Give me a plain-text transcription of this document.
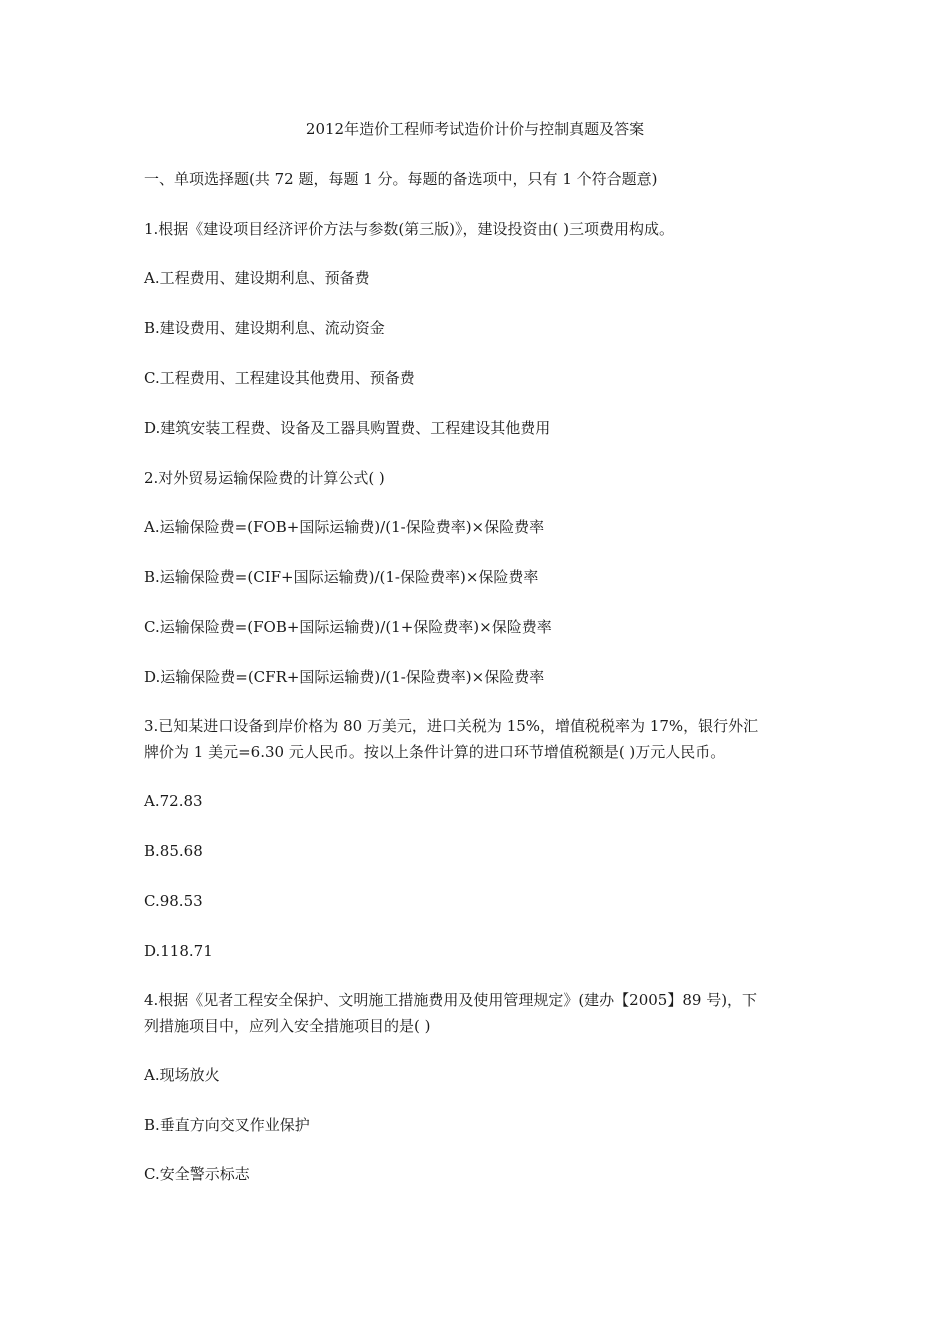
2012年造价工程师考试造价计价与控制真题及答案
一、单项选择题(共 72 题，每题 1 分。每题的备选项中，只有 1 个符合题意)
1.根据《建设项目经济评价方法与参数(第三版)》，建设投资由( )三项费用构成。
A.工程费用、建设期利息、预备费
B.建设费用、建设期利息、流动资金
C.工程费用、工程建设其他费用、预备费
D.建筑安装工程费、设备及工器具购置费、工程建设其他费用
2.对外贸易运输保险费的计算公式( )
A.运输保险费=(FOB+国际运输费)/(1-保险费率)×保险费率
B.运输保险费=(CIF+国际运输费)/(1-保险费率)×保险费率
C.运输保险费=(FOB+国际运输费)/(1+保险费率)×保险费率
D.运输保险费=(CFR+国际运输费)/(1-保险费率)×保险费率
3.已知某进口设备到岸价格为 80 万美元，进口关税为 15%，增值税税率为 17%，银行外汇
牌价为 1 美元=6.30 元人民币。按以上条件计算的进口环节增值税额是( )万元人民币。
A.72.83
B.85.68
C.98.53
D.118.71
4.根据《见者工程安全保护、文明施工措施费用及使用管理规定》(建办【2005】89 号)，下
列措施项目中，应列入安全措施项目的是( )
A.现场放火
B.垂直方向交叉作业保护
C.安全警示标志
